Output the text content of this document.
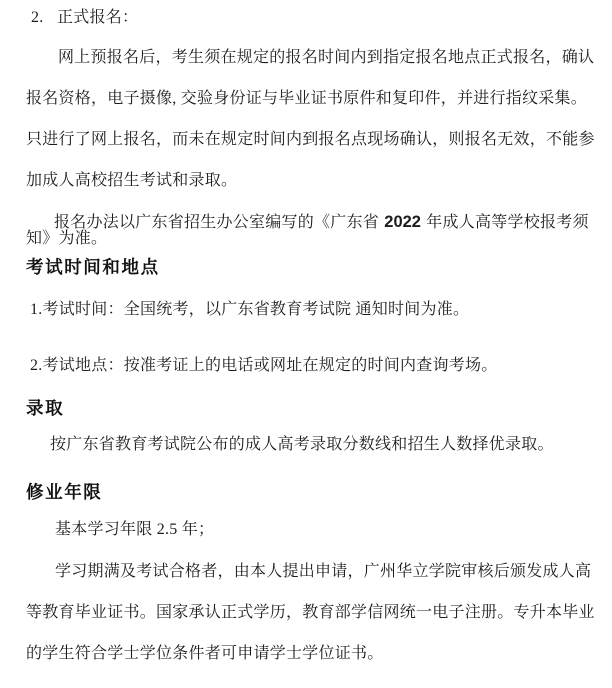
2. 正式报名：
网上预报名后，考生须在规定的报名时间内到指定报名地点正式报名，确认
报名资格，电子摄像, 交验身份证与毕业证书原件和复印件，并进行指纹采集。
只进行了网上报名，而未在规定时间内到报名点现场确认，则报名无效，不能参
加成人高校招生考试和录取。
报名办法以广东省招生办公室编写的《广东省 2022 年成人高等学校报考须
知》为准。
考试时间和地点
1.考试时间：全国统考，以广东省教育考试院 通知时间为准。
2.考试地点：按准考证上的电话或网址在规定的时间内查询考场。
录取
按广东省教育考试院公布的成人高考录取分数线和招生人数择优录取。
修业年限
基本学习年限 2.5 年；
学习期满及考试合格者，由本人提出申请，广州华立学院审核后颁发成人高
等教育毕业证书。国家承认正式学历，教育部学信网统一电子注册。专升本毕业
的学生符合学士学位条件者可申请学士学位证书。
